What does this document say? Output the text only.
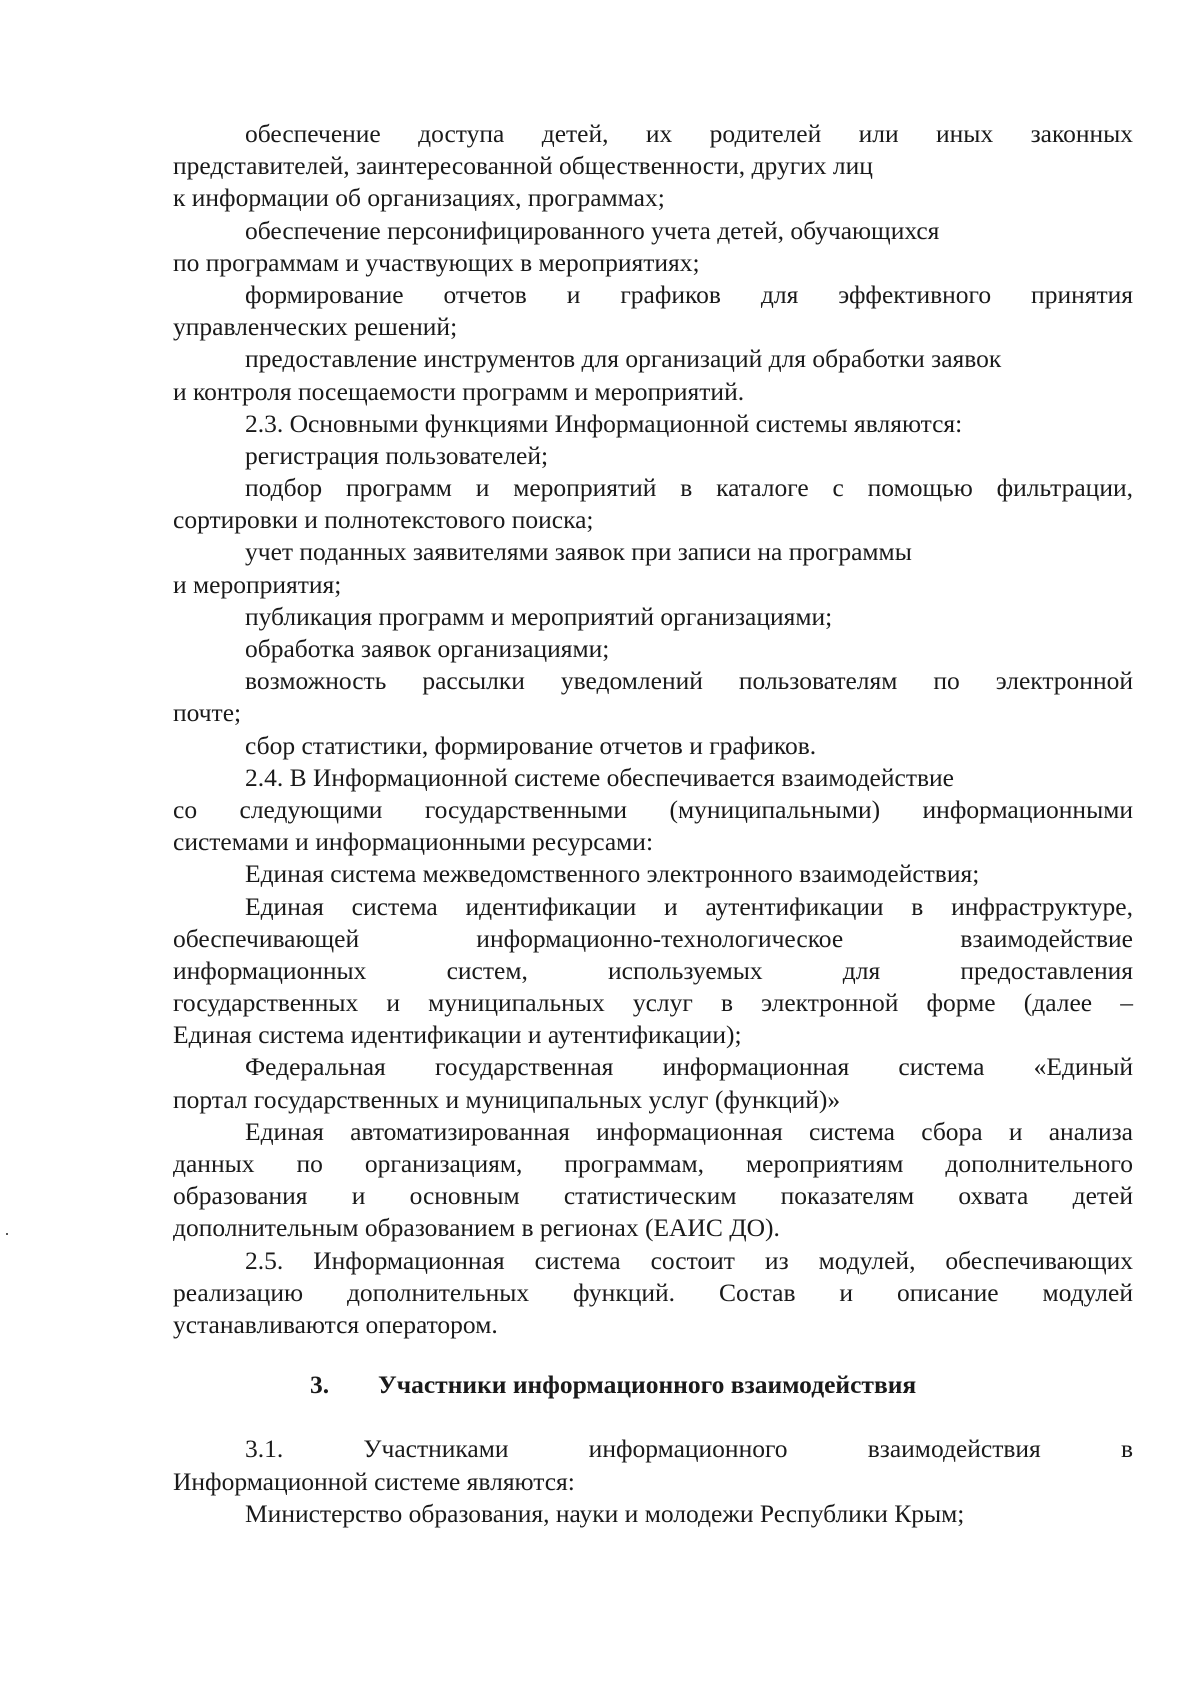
обеспечение доступа детей, их родителей или иных законных
представителей, заинтересованной общественности, других лиц
к информации об организациях, программах;
обеспечение персонифицированного учета детей, обучающихся
по программам и участвующих в мероприятиях;
формирование отчетов и графиков для эффективного принятия
управленческих решений;
предоставление инструментов для организаций для обработки заявок
и контроля посещаемости программ и мероприятий.
2.3. Основными функциями Информационной системы являются:
регистрация пользователей;
подбор программ и мероприятий в каталоге с помощью фильтрации,
сортировки и полнотекстового поиска;
учет поданных заявителями заявок при записи на программы
и мероприятия;
публикация программ и мероприятий организациями;
обработка заявок организациями;
возможность рассылки уведомлений пользователям по электронной
почте;
сбор статистики, формирование отчетов и графиков.
2.4. В Информационной системе обеспечивается взаимодействие
со следующими государственными (муниципальными) информационными
системами и информационными ресурсами:
Единая система межведомственного электронного взаимодействия;
Единая система идентификации и аутентификации в инфраструктуре,
обеспечивающей информационно-технологическое взаимодействие
информационных систем, используемых для предоставления
государственных и муниципальных услуг в электронной форме (далее –
Единая система идентификации и аутентификации);
Федеральная государственная информационная система «Единый
портал государственных и муниципальных услуг (функций)»
Единая автоматизированная информационная система сбора и анализа
данных по организациям, программам, мероприятиям дополнительного
образования и основным статистическим показателям охвата детей
дополнительным образованием в регионах (ЕАИС ДО).
2.5. Информационная система состоит из модулей, обеспечивающих
реализацию дополнительных функций. Состав и описание модулей
устанавливаются оператором.
3. Участники информационного взаимодействия
3.1. Участниками информационного взаимодействия в
Информационной системе являются:
Министерство образования, науки и молодежи Республики Крым;
